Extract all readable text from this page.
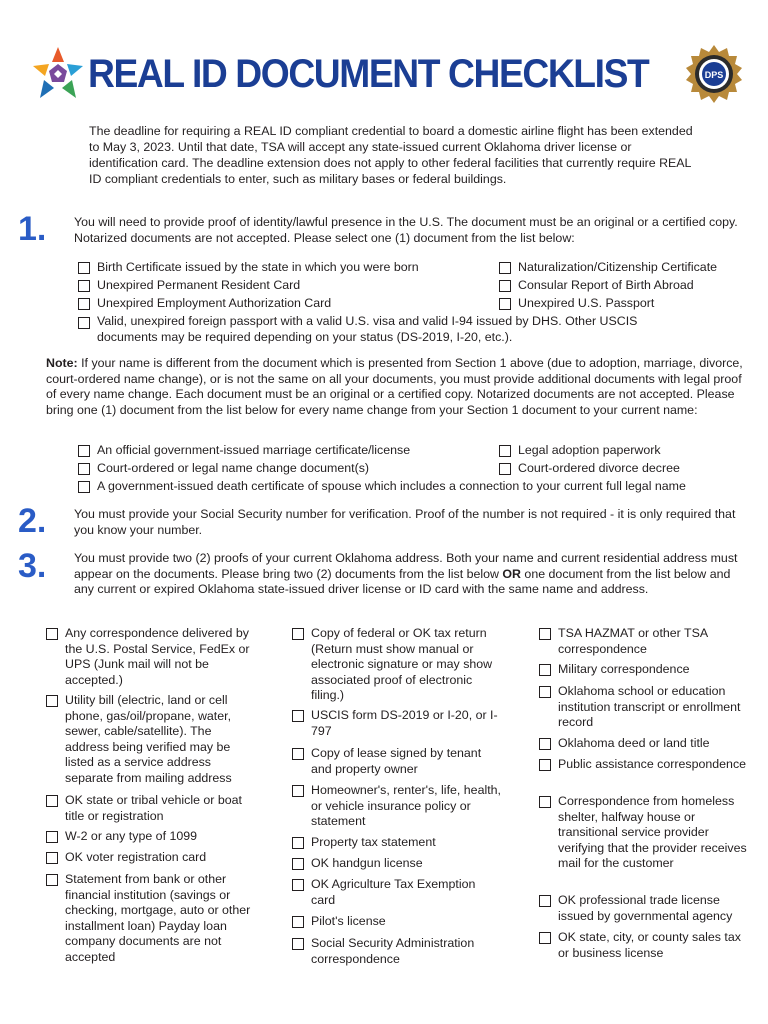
REAL ID DOCUMENT CHECKLIST	DPS
The deadline for requiring a REAL ID compliant credential to board a domestic airline flight has been extended to May 3, 2023. Until that date, TSA will accept any state-issued current Oklahoma driver license or identification card. The deadline extension does not apply to other federal facilities that currently require REAL ID compliant credentials to enter, such as military bases or federal buildings.
1. You will need to provide proof of identity/lawful presence in the U.S. The document must be an original or a certified copy. Notarized documents are not accepted. Please select one (1) document from the list below:
Birth Certificate issued by the state in which you were born
Unexpired Permanent Resident Card
Unexpired Employment Authorization Card
Naturalization/Citizenship Certificate
Consular Report of Birth Abroad
Unexpired U.S. Passport
Valid, unexpired foreign passport with a valid U.S. visa and valid I-94 issued by DHS. Other USCIS documents may be required depending on your status (DS-2019, I-20, etc.).
Note: If your name is different from the document which is presented from Section 1 above (due to adoption, marriage, divorce, court-ordered name change), or is not the same on all your documents, you must provide additional documents with legal proof of every name change. Each document must be an original or a certified copy. Notarized documents are not accepted. Please bring one (1) document from the list below for every name change from your Section 1 document to your current name:
An official government-issued marriage certificate/license
Court-ordered or legal name change document(s)
Legal adoption paperwork
Court-ordered divorce decree
A government-issued death certificate of spouse which includes a connection to your current full legal name
2. You must provide your Social Security number for verification. Proof of the number is not required - it is only required that you know your number.
3. You must provide two (2) proofs of your current Oklahoma address. Both your name and current residential address must appear on the documents. Please bring two (2) documents from the list below OR one document from the list below and any current or expired Oklahoma state-issued driver license or ID card with the same name and address.
Any correspondence delivered by the U.S. Postal Service, FedEx or UPS (Junk mail will not be accepted.)
Utility bill (electric, land or cell phone, gas/oil/propane, water, sewer, cable/satellite). The address being verified may be listed as a service address separate from mailing address
OK state or tribal vehicle or boat title or registration
W-2 or any type of 1099
OK voter registration card
Statement from bank or other financial institution (savings or checking, mortgage, auto or other installment loan) Payday loan company documents are not accepted
Copy of federal or OK tax return (Return must show manual or electronic signature or may show associated proof of electronic filing.)
USCIS form DS-2019 or I-20, or I-797
Copy of lease signed by tenant and property owner
Homeowner's, renter's, life, health, or vehicle insurance policy or statement
Property tax statement
OK handgun license
OK Agriculture Tax Exemption card
Pilot's license
Social Security Administration correspondence
TSA HAZMAT or other TSA correspondence
Military correspondence
Oklahoma school or education institution transcript or enrollment record
Oklahoma deed or land title
Public assistance correspondence
Correspondence from homeless shelter, halfway house or transitional service provider verifying that the provider receives mail for the customer
OK professional trade license issued by governmental agency
OK state, city, or county sales tax or business license
